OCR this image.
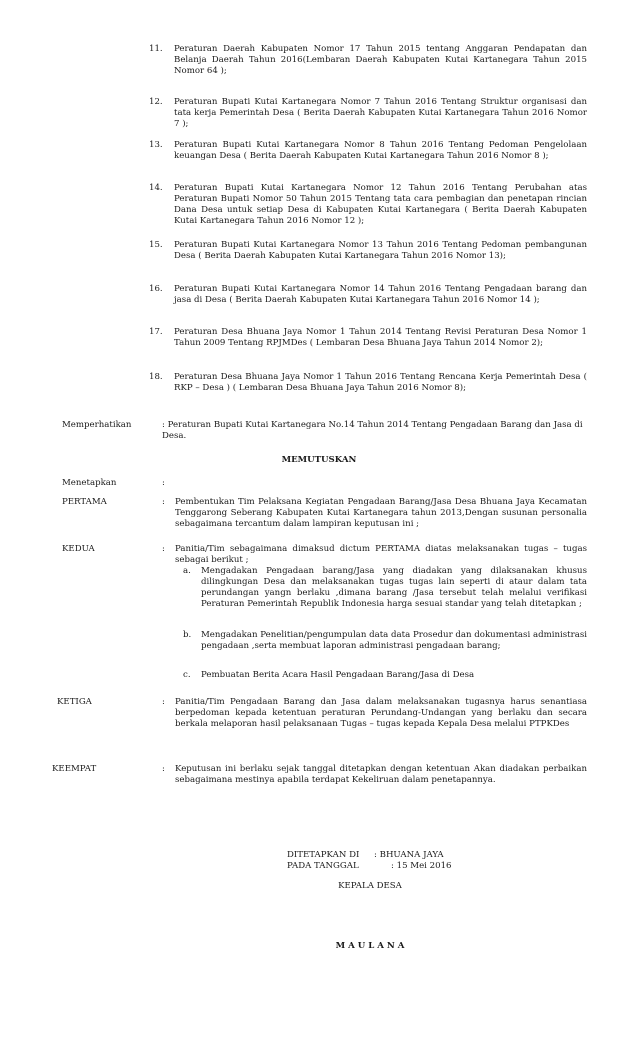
11.	Peraturan Daerah Kabupaten Nomor 17 Tahun 2015 tentang Anggaran Pendapatan dan Belanja Daerah Tahun 2016(Lembaran Daerah Kabupaten Kutai Kartanegara Tahun 2015 Nomor 64 );
12.	Peraturan Bupati Kutai Kartanegara Nomor 7 Tahun 2016 Tentang Struktur organisasi dan tata kerja Pemerintah Desa ( Berita Daerah Kabupaten Kutai Kartanegara Tahun 2016 Nomor 7 );
13.	Peraturan Bupati Kutai Kartanegara Nomor 8 Tahun 2016 Tentang Pedoman Pengelolaan keuangan Desa ( Berita Daerah Kabupaten Kutai Kartanegara Tahun 2016 Nomor 8 );
14.	Peraturan Bupati Kutai Kartanegara Nomor 12 Tahun 2016 Tentang Perubahan atas Peraturan Bupati Nomor 50 Tahun 2015 Tentang tata cara pembagian dan penetapan rincian Dana Desa untuk setiap Desa di Kabupaten Kutai Kartanegara ( Berita Daerah Kabupaten Kutai Kartanegara Tahun 2016 Nomor 12 );
15.	Peraturan Bupati Kutai Kartanegara Nomor 13 Tahun 2016 Tentang Pedoman pembangunan Desa ( Berita Daerah Kabupaten Kutai Kartanegara Tahun 2016 Nomor 13);
16.	Peraturan Bupati Kutai Kartanegara Nomor 14 Tahun 2016 Tentang Pengadaan barang dan jasa di Desa ( Berita Daerah Kabupaten Kutai Kartanegara Tahun 2016 Nomor 14 );
17.	Peraturan Desa Bhuana Jaya Nomor 1 Tahun 2014 Tentang Revisi Peraturan Desa Nomor 1 Tahun 2009 Tentang RPJMDes ( Lembaran Desa Bhuana Jaya Tahun 2014 Nomor 2);
18.	Peraturan Desa Bhuana Jaya Nomor 1 Tahun 2016 Tentang Rencana Kerja Pemerintah Desa ( RKP – Desa ) ( Lembaran Desa Bhuana Jaya Tahun 2016 Nomor 8);
Memperhatikan	: Peraturan Bupati Kutai Kartanegara No.14 Tahun 2014 Tentang Pengadaan Barang dan Jasa di Desa.
MEMUTUSKAN
Menetapkan	:
PERTAMA	: Pembentukan Tim Pelaksana Kegiatan Pengadaan Barang/Jasa Desa Bhuana Jaya Kecamatan Tenggarong Seberang Kabupaten Kutai Kartanegara tahun 2013,Dengan susunan personalia sebagaimana tercantum dalam lampiran keputusan ini ;
KEDUA	: Panitia/Tim sebagaimana dimaksud dictum PERTAMA diatas melaksanakan tugas – tugas sebagai berikut ;
a. Mengadakan Pengadaan barang/Jasa yang diadakan yang dilaksanakan khusus dilingkungan Desa dan melaksanakan tugas tugas lain seperti di ataur dalam tata perundangan yangn berlaku ,dimana barang /Jasa tersebut telah melalui verifikasi Peraturan Pemerintah Republik Indonesia harga sesuai standar yang telah ditetapkan ;
b. Mengadakan Penelitian/pengumpulan data data Prosedur dan dokumentasi administrasi pengadaan ,serta membuat laporan administrasi pengadaan barang;
c. Pembuatan Berita Acara Hasil Pengadaan Barang/Jasa di Desa
KETIGA	: Panitia/Tim Pengadaan Barang dan Jasa dalam melaksanakan tugasnya harus senantiasa berpedoman kepada ketentuan peraturan Perundang-Undangan yang berlaku dan secara berkala melaporan hasil pelaksanaan Tugas – tugas kepada Kepala Desa melalui PTPKDes
KEEMPAT	: Keputusan ini berlaku sejak tanggal ditetapkan dengan ketentuan Akan diadakan perbaikan sebagaimana mestinya apabila terdapat Kekeliruan dalam penetapannya.
DITETAPKAN DI : BHUANA JAYA
PADA TANGGAL	: 15 Mei 2016
KEPALA DESA
M A U L A N A
